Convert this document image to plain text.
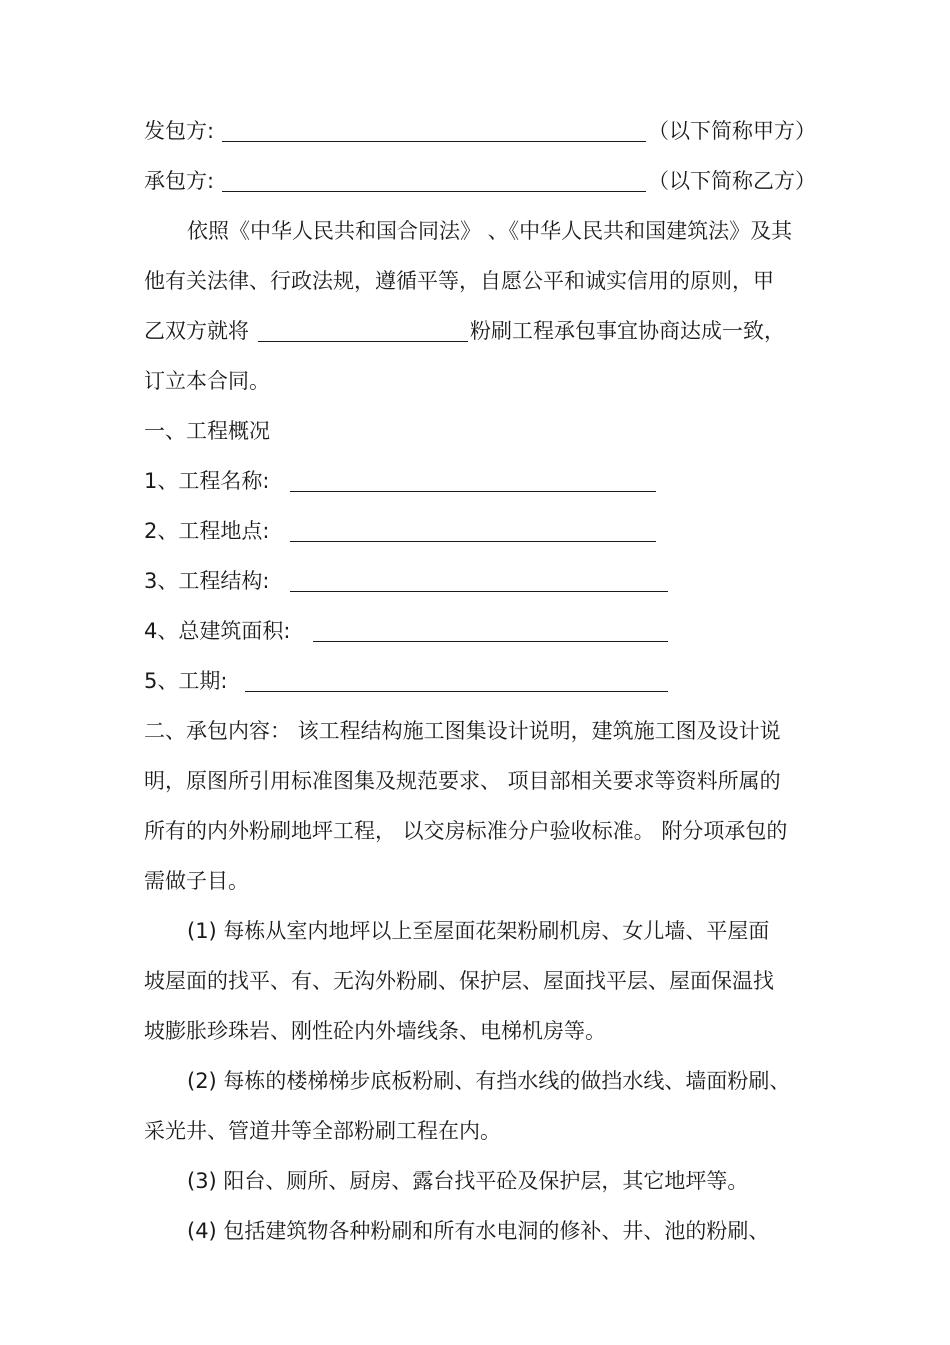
发包方:	（以下简称甲方）
承包方:	（以下简称乙方）
依照《中华人民共和国合同法》 、《中华人民共和国建筑法》及其
他有关法律、行政法规，遵循平等，自愿公平和诚实信用的原则，甲
乙双方就将	粉刷工程承包事宜协商达成一致，
订立本合同。
一、工程概况
1、工程名称:
2、工程地点:
3、工程结构:
4、总建筑面积:
5、工期:
二、承包内容： 该工程结构施工图集设计说明，建筑施工图及设计说
明，原图所引用标准图集及规范要求、 项目部相关要求等资料所属的
所有的内外粉刷地坪工程， 以交房标准分户验收标准。 附分项承包的
需做子目。
(1) 每栋从室内地坪以上至屋面花架粉刷机房、女儿墙、平屋面
坡屋面的找平、有、无沟外粉刷、保护层、屋面找平层、屋面保温找
坡膨胀珍珠岩、刚性砼内外墙线条、电梯机房等。
(2) 每栋的楼梯梯步底板粉刷、有挡水线的做挡水线、墙面粉刷、
采光井、管道井等全部粉刷工程在内。
(3) 阳台、厕所、厨房、露台找平砼及保护层，其它地坪等。
(4) 包括建筑物各种粉刷和所有水电洞的修补、井、池的粉刷、
